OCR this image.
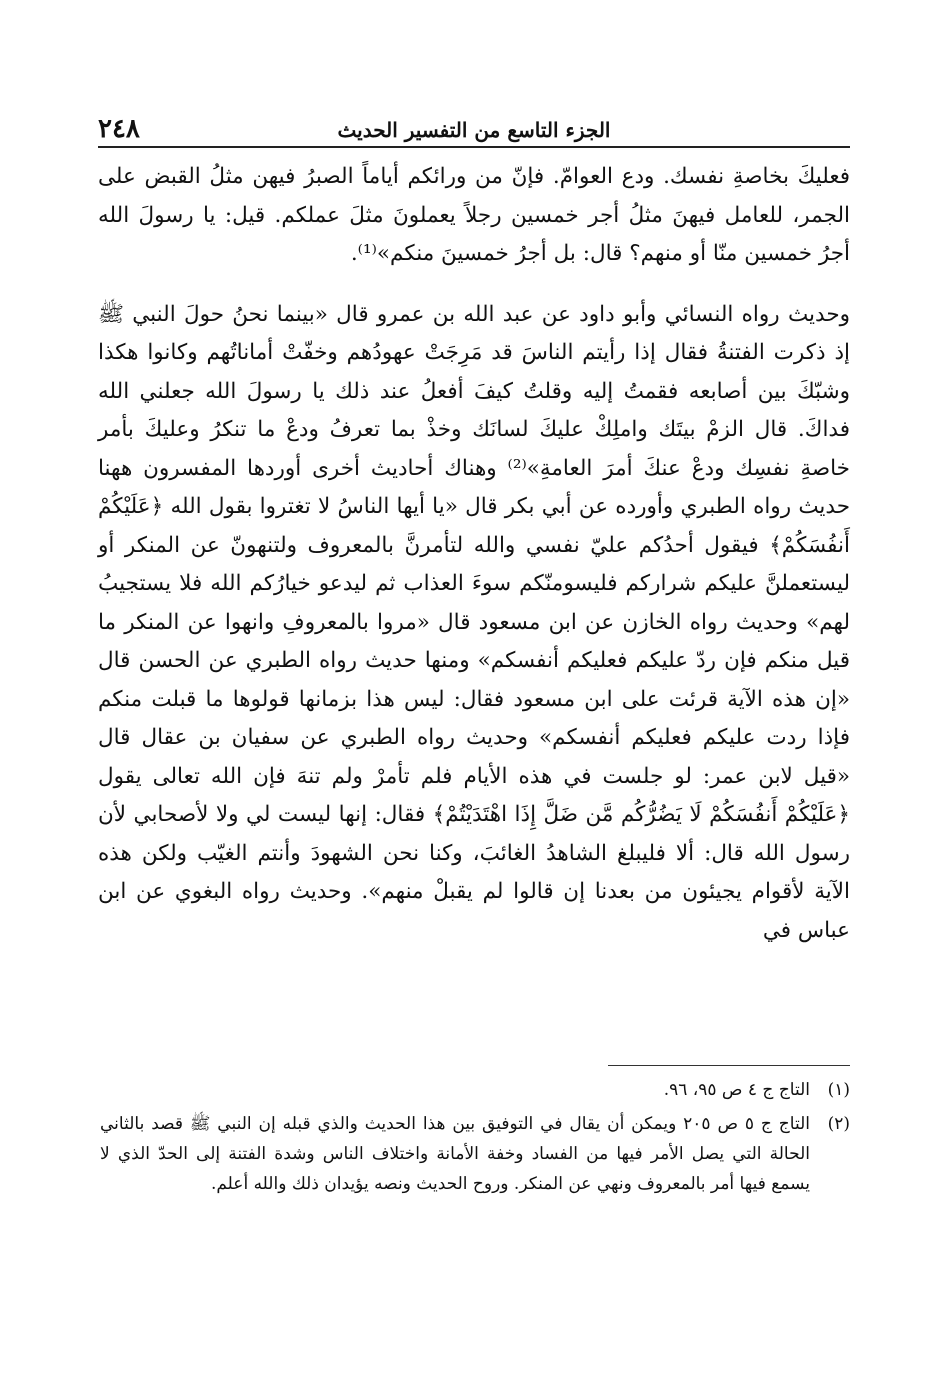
٢٤٨	الجزء التاسع من التفسير الحديث

فعليكَ بخاصةِ نفسك. ودع العوامّ. فإنّ من ورائكم أياماً الصبرُ فيهن مثلُ القبض على الجمر، للعامل فيهنَ مثلُ أجر خمسين رجلاً يعملونَ مثلَ عملكم. قيل: يا رسولَ الله أجرُ خمسين منّا أو منهم؟ قال: بل أجرُ خمسينَ منكم»⁽¹⁾.

وحديث رواه النسائي وأبو داود عن عبد الله بن عمرو قال «بينما نحنُ حولَ النبي ﷺ إذ ذكرت الفتنةُ فقال إذا رأيتم الناسَ قد مَرِجَتْ عهودُهم وخفّتْ أماناتُهم وكانوا هكذا وشبّكَ بين أصابعه فقمتُ إليه وقلتُ كيفَ أفعلُ عند ذلك يا رسولَ الله جعلني الله فداكَ. قال الزمْ بيتَك واملِكْ عليكَ لسانَك وخذْ بما تعرفُ ودعْ ما تنكرُ وعليكَ بأمر خاصةِ نفسِك ودعْ عنكَ أمرَ العامةِ»⁽²⁾ وهناك أحاديث أخرى أوردها المفسرون ههنا حديث رواه الطبري وأورده عن أبي بكر قال «يا أيها الناسُ لا تغتروا بقول الله ﴿عَلَيْكُمْ أَنفُسَكُمْ﴾ فيقول أحدُكم عليّ نفسي والله لتأمرنَّ بالمعروف ولتنهونّ عن المنكر أو ليستعملنَّ عليكم شراركم فليسومنّكم سوءَ العذاب ثم ليدعو خيارُكم الله فلا يستجيبُ لهم» وحديث رواه الخازن عن ابن مسعود قال «مروا بالمعروفِ وانهوا عن المنكر ما قيل منكم فإن ردّ عليكم فعليكم أنفسكم» ومنها حديث رواه الطبري عن الحسن قال «إن هذه الآية قرئت على ابن مسعود فقال: ليس هذا بزمانها قولوها ما قبلت منكم فإذا ردت عليكم فعليكم أنفسكم» وحديث رواه الطبري عن سفيان بن عقال قال «قيل لابن عمر: لو جلست في هذه الأيام فلم تأمرْ ولم تنهَ فإن الله تعالى يقول ﴿عَلَيْكُمْ أَنفُسَكُمْ لَا يَضُرُّكُم مَّن ضَلَّ إِذَا اهْتَدَيْتُمْ﴾ فقال: إنها ليست لي ولا لأصحابي لأن رسول الله قال: ألا فليبلغ الشاهدُ الغائبَ، وكنا نحن الشهودَ وأنتم الغيّب ولكن هذه الآية لأقوام يجيئون من بعدنا إن قالوا لم يقبلْ منهم». وحديث رواه البغوي عن ابن عباس في

(١)
التاج ج ٤ ص ٩٥، ٩٦.
(٢)
التاج ج ٥ ص ٢٠٥ ويمكن أن يقال في التوفيق بين هذا الحديث والذي قبله إن النبي ﷺ قصد بالثاني الحالة التي يصل الأمر فيها من الفساد وخفة الأمانة واختلاف الناس وشدة الفتنة إلى الحدّ الذي لا يسمع فيها أمر بالمعروف ونهي عن المنكر. وروح الحديث ونصه يؤيدان ذلك والله أعلم.
